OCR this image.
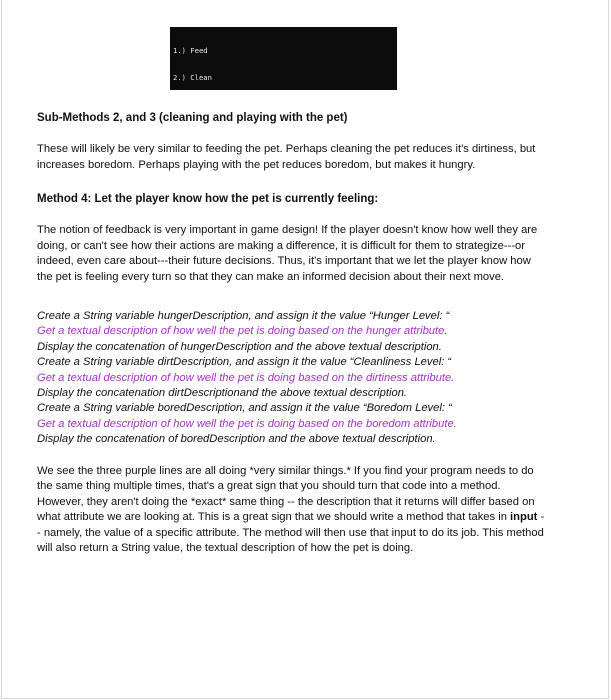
1.) Feed

2.) Clean

Sub-Methods 2, and 3 (cleaning and playing with the pet)

These will likely be very similar to feeding the pet. Perhaps cleaning the pet reduces it's dirtiness, but increases boredom. Perhaps playing with the pet reduces boredom, but makes it hungry.

Method 4: Let the player know how the pet is currently feeling:

The notion of feedback is very important in game design! If the player doesn't know how well they are doing, or can't see how their actions are making a difference, it is difficult for them to strategize---or indeed, even care about---their future decisions. Thus, it's important that we let the player know how the pet is feeling every turn so that they can make an informed decision about their next move.

Create a String variable hungerDescription, and assign it the value “Hunger Level: “
Get a textual description of how well the pet is doing based on the hunger attribute.
Display the concatenation of hungerDescription and the above textual description.
Create a String variable dirtDescription, and assign it the value “Cleanliness Level: “
Get a textual description of how well the pet is doing based on the dirtiness attribute.
Display the concatenation dirtDescriptionand the above textual description.
Create a String variable boredDescription, and assign it the value “Boredom Level: “
Get a textual description of how well the pet is doing based on the boredom attribute.
Display the concatenation of boredDescription and the above textual description.

We see the three purple lines are all doing *very similar things.* If you find your program needs to do the same thing multiple times, that's a great sign that you should turn that code into a method. However, they aren't doing the *exact* same thing -- the description that it returns will differ based on what attribute we are looking at. This is a great sign that we should write a method that takes in input -- namely, the value of a specific attribute. The method will then use that input to do its job. This method will also return a String value, the textual description of how the pet is doing.
